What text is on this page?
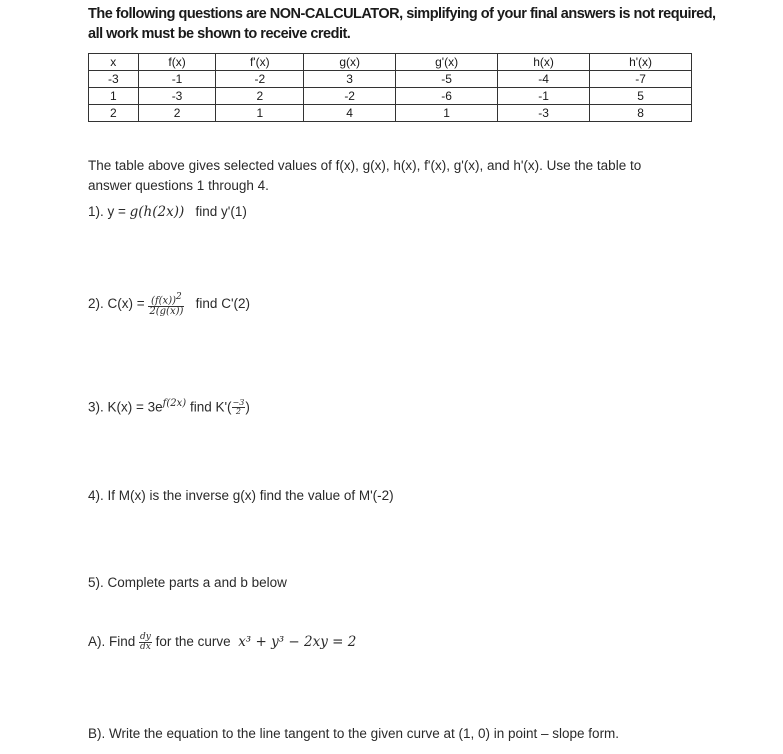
The following questions are NON-CALCULATOR, simplifying of your final answers is not required,
all work must be shown to receive credit.
x	f(x)	f'(x)	g(x)	g'(x)	h(x)	h'(x)
-3	-1	-2	3	-5	-4	-7
1	-3	2	-2	-6	-1	5
2	2	1	4	1	-3	8
The table above gives selected values of f(x), g(x), h(x), f'(x), g'(x), and h'(x). Use the table to answer questions 1 through 4.
1). y = g(h(2x)) find y'(1)
2). $C(x) = \frac{(f(x))^2}{2(g(x))}$ find C'(2)
3). $K(x) = 3e^{f(2x)}$ find $K'( \frac{-3}{2}$ )
4). If M(x) is the inverse g(x) find the value of M'(-2)
5). Complete parts a and b below
A). Find $\frac{dy}{dx}$ for the curve  x³ + y³ − 2xy = 2
B). Write the equation to the line tangent to the given curve at (1, 0) in point – slope form.
